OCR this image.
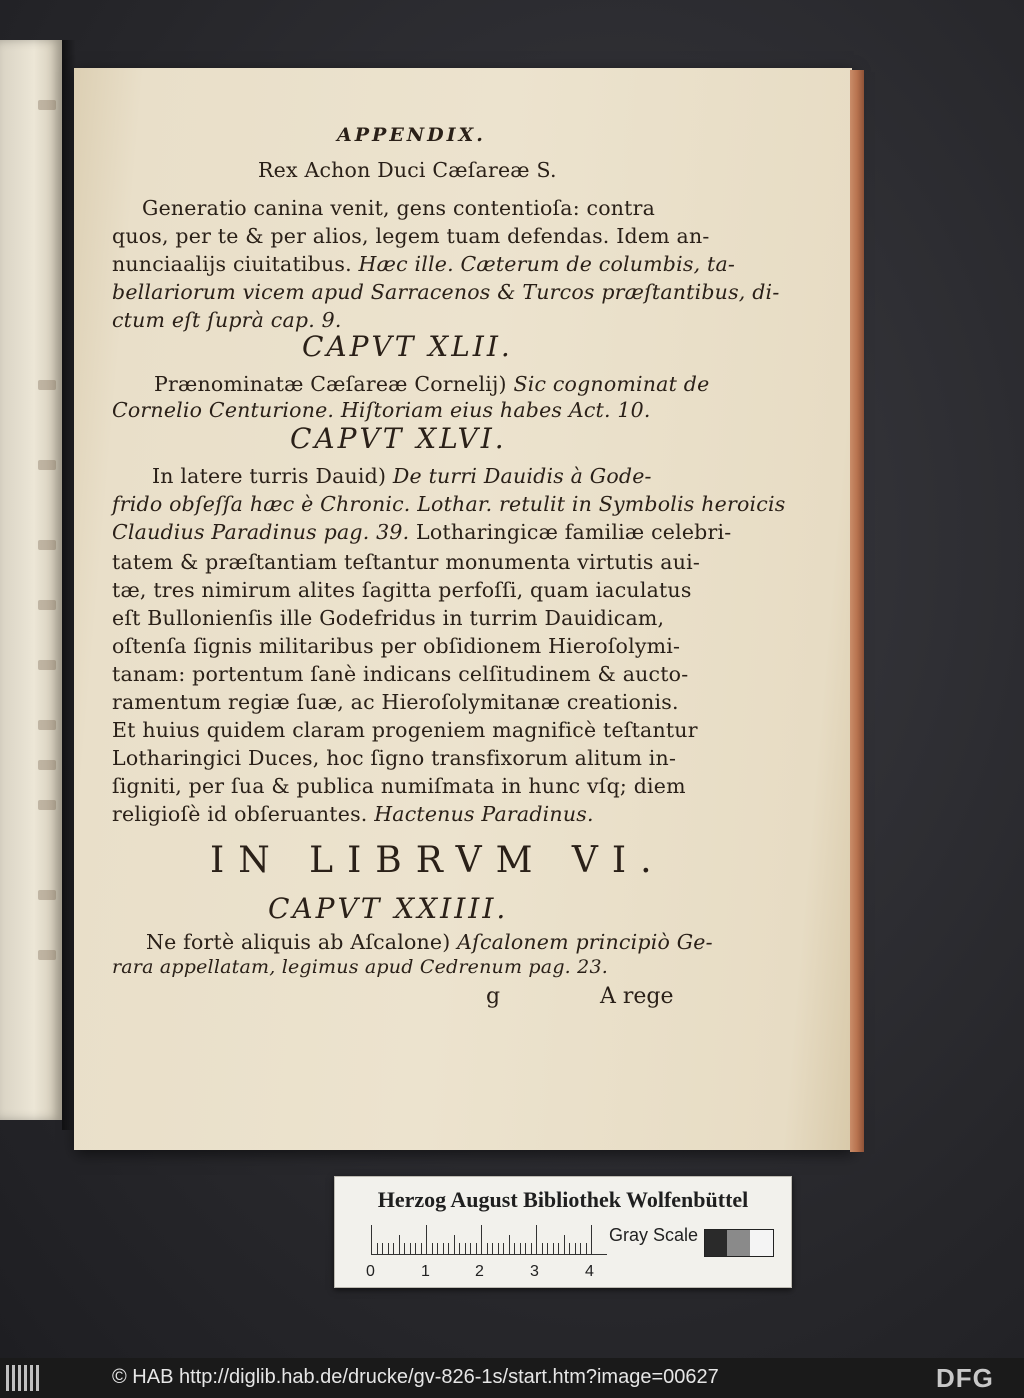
APPENDIX.
Rex Achon Duci Cæſareæ S.
Generatio canina venit, gens contentioſa: contra
quos, per te & per alios, legem tuam defendas. Idem an-
nunciaalijs ciuitatibus. Hæc ille. Cæterum de columbis, ta-
bellariorum vicem apud Sarracenos & Turcos præſtantibus, di-
ctum eſt ſuprà cap. 9.
CAPVT XLII.
Prænominatæ Cæſareæ Cornelij) Sic cognominat de
Cornelio Centurione. Hiſtoriam eius habes Act. 10.
CAPVT XLVI.
In latere turris Dauid) De turri Dauidis à Gode-
frido obſeſſa hæc è Chronic. Lothar. retulit in Symbolis heroicis
Claudius Paradinus pag. 39. Lotharingicæ familiæ celebri-
tatem & præſtantiam teſtantur monumenta virtutis aui-
tæ, tres nimirum alites ſagitta perfoſſi, quam iaculatus
eſt Bullonienſis ille Godefridus in turrim Dauidicam,
oſtenſa ſignis militaribus per obſidionem Hieroſolymi-
tanam: portentum ſanè indicans celſitudinem & aucto-
ramentum regiæ ſuæ, ac Hieroſolymitanæ creationis.
Et huius quidem claram progeniem magnificè teſtantur
Lotharingici Duces, hoc ſigno transfixorum alitum in-
ſigniti, per ſua & publica numiſmata in hunc vſq; diem
religioſè id obſeruantes. Hactenus Paradinus.
IN LIBRVM VI.
CAPVT XXIIII.
Ne fortè aliquis ab Aſcalone) Aſcalonem principiò Ge-
rara appellatam, legimus apud Cedrenum pag. 23.
g	A rege
Herzog August Bibliothek Wolfenbüttel
0	1	2	3	4
Gray Scale
© HAB http://diglib.hab.de/drucke/gv-826-1s/start.htm?image=00627	DFG
